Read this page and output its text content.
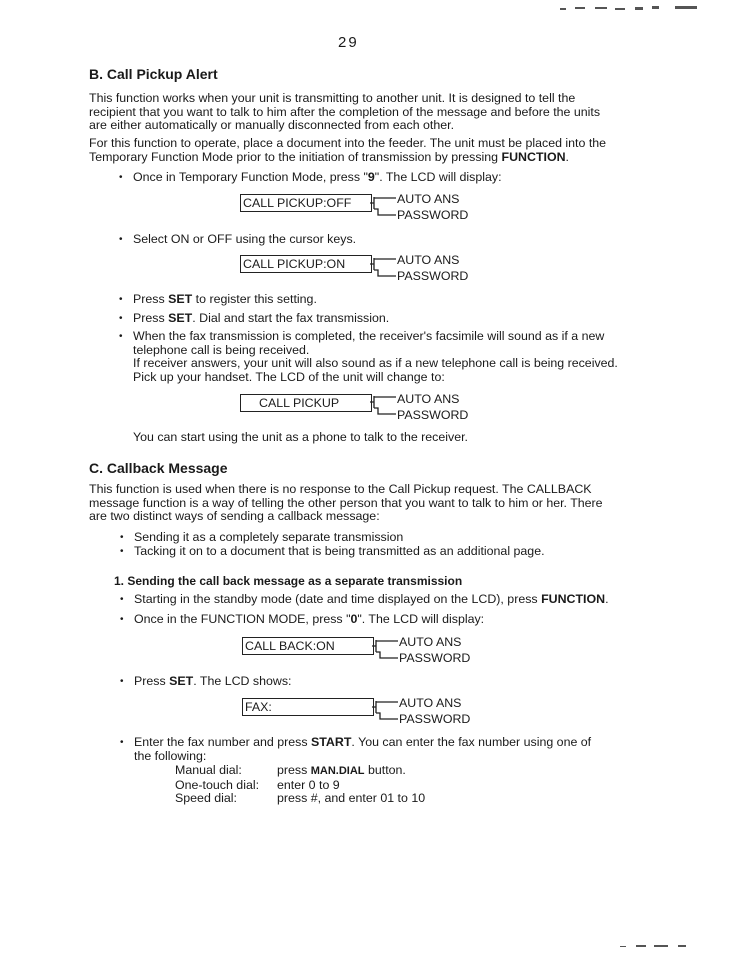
29
B. Call Pickup Alert

This function works when your unit is transmitting to another unit. It is designed to tell the

recipient that you want to talk to him after the completion of the message and before the units

are either automatically or manually disconnected from each other.

For this function to operate, place a document into the feeder. The unit must be placed into the

Temporary Function Mode prior to the initiation of transmission by pressing FUNCTION.

• Once in Temporary Function Mode, press "9". The LCD will display:
CALL PICKUP:OFF	AUTO ANS
PASSWORD
• Select ON or OFF using the cursor keys.
CALL PICKUP:ON	AUTO ANS
PASSWORD
• Press SET to register this setting.
• Press SET. Dial and start the fax transmission.
• When the fax transmission is completed, the receiver's facsimile will sound as if a new

telephone call is being received.

If receiver answers, your unit will also sound as if a new telephone call is being received.

Pick up your handset. The LCD of the unit will change to:

CALL PICKUP	AUTO ANS
PASSWORD
You can start using the unit as a phone to talk to the receiver.
C. Callback Message

This function is used when there is no response to the Call Pickup request. The CALLBACK

message function is a way of telling the other person that you want to talk to him or her. There

are two distinct ways of sending a callback message:

• Sending it as a completely separate transmission
• Tacking it on to a document that is being transmitted as an additional page.
1. Sending the call back message as a separate transmission
• Starting in the standby mode (date and time displayed on the LCD), press FUNCTION.
• Once in the FUNCTION MODE, press "0". The LCD will display:
CALL BACK:ON	AUTO ANS
PASSWORD
• Press SET. The LCD shows:
FAX:	AUTO ANS
PASSWORD
• Enter the fax number and press START. You can enter the fax number using one of

the following:

Manual dial:	press MAN.DIAL button.
One-touch dial:	enter 0 to 9
Speed dial:	press #, and enter 01 to 10
